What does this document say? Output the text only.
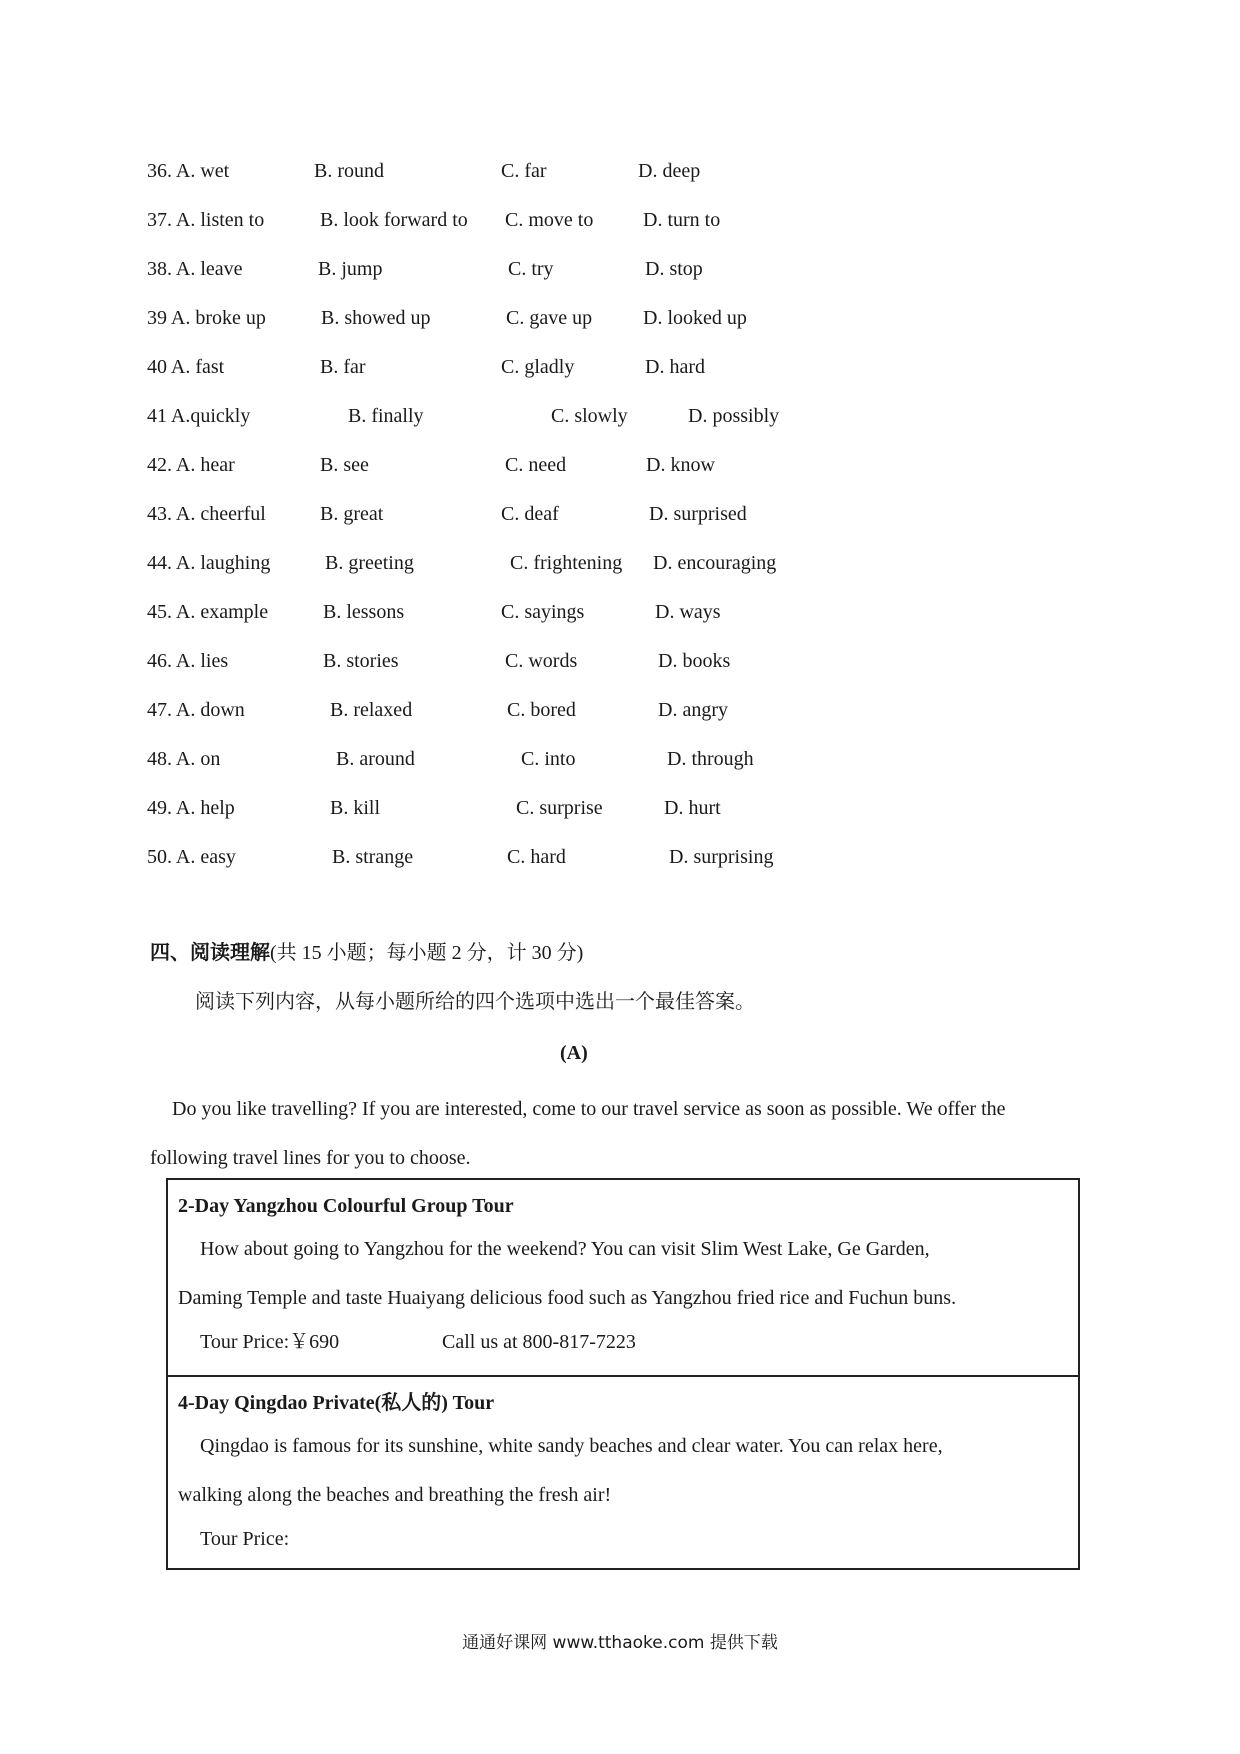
36. A. wet	B. round	C. far	D. deep
37. A. listen to	B. look forward to C. move to D. turn to
38. A. leave	B. jump	C. try	D. stop
39 A. broke up	B. showed up	C. gave up	D. looked up
40 A. fast	B. far	C. gladly	D. hard
41 A.quickly	B. finally	C. slowly	D. possibly
42. A. hear	B. see	C. need	D. know
43. A. cheerful	B. great	C. deaf	D. surprised
44. A. laughing	B. greeting	C. frightening D. encouraging
45. A. example	B. lessons	C. sayings	D. ways
46. A. lies	B. stories	C. words	D. books
47. A. down	B. relaxed	C. bored	D. angry
48. A. on	B. around	C. into	D. through
49. A. help	B. kill	C. surprise	D. hurt
50. A. easy	B. strange	C. hard	D. surprising
四、阅读理解(共 15 小题；每小题 2 分，计 30 分)
阅读下列内容，从每小题所给的四个选项中选出一个最佳答案。
(A)
Do you like travelling? If you are interested, come to our travel service as soon as possible. We offer the
following travel lines for you to choose.
2-Day Yangzhou Colourful Group Tour
How about going to Yangzhou for the weekend? You can visit Slim West Lake, Ge Garden,
Daming Temple and taste Huaiyang delicious food such as Yangzhou fried rice and Fuchun buns.
Tour Price:￥690	Call us at 800-817-7223
4-Day Qingdao Private(私人的) Tour
Qingdao is famous for its sunshine, white sandy beaches and clear water. You can relax here,
walking along the beaches and breathing the fresh air!
Tour Price:
通通好课网 www.tthaoke.com 提供下载
